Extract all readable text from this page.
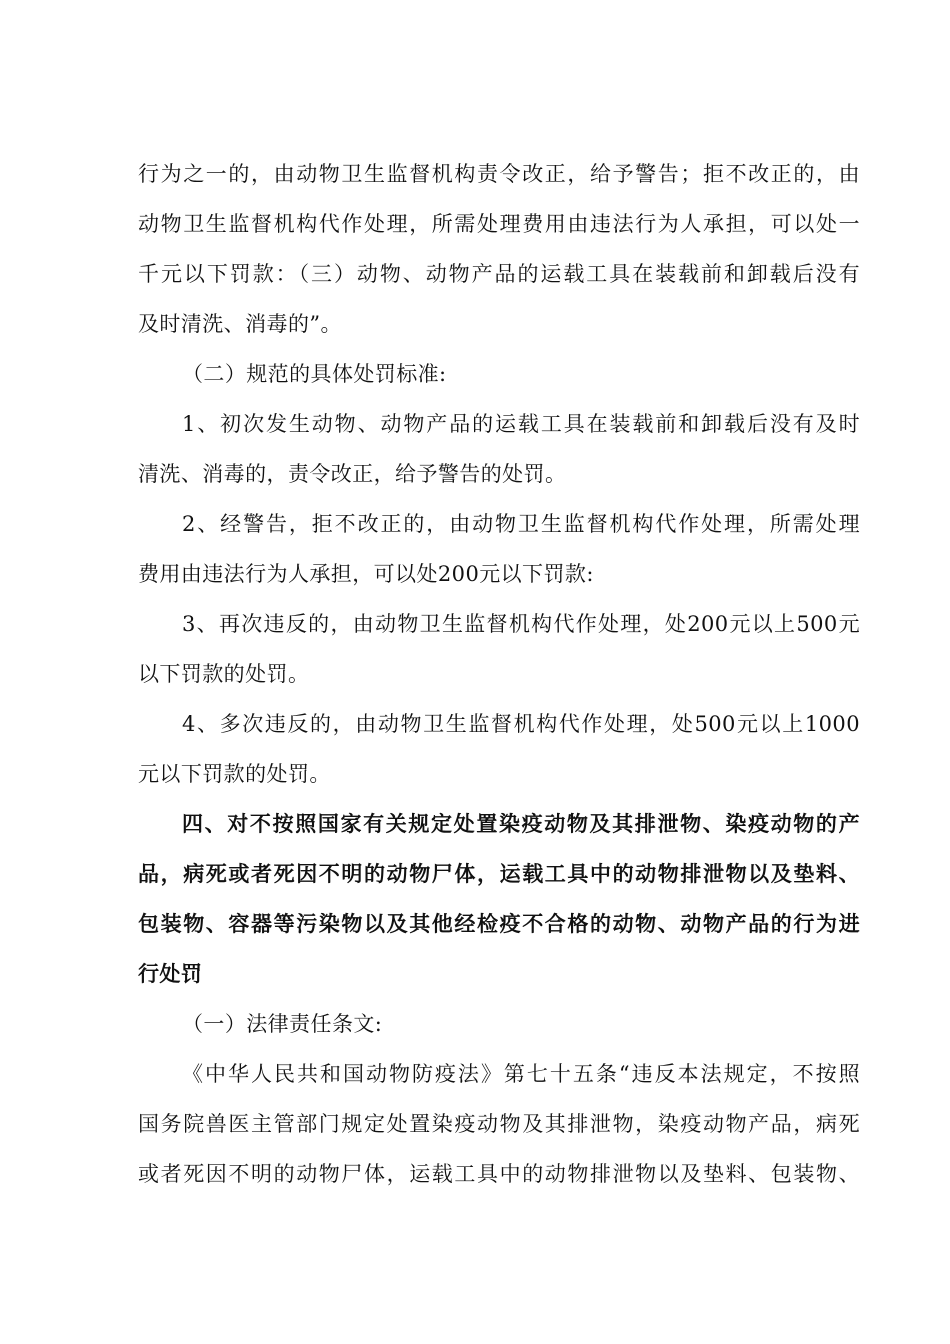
行为之一的，由动物卫生监督机构责令改正，给予警告；拒不改正的，由
动物卫生监督机构代作处理，所需处理费用由违法行为人承担，可以处一
千元以下罚款：（三）动物、动物产品的运载工具在装载前和卸载后没有
及时清洗、消毒的”。
（二）规范的具体处罚标准:
1、初次发生动物、动物产品的运载工具在装载前和卸载后没有及时
清洗、消毒的，责令改正，给予警告的处罚。
2、经警告，拒不改正的，由动物卫生监督机构代作处理，所需处理
费用由违法行为人承担，可以处200元以下罚款:
3、再次违反的，由动物卫生监督机构代作处理，处200元以上500元
以下罚款的处罚。
4、多次违反的，由动物卫生监督机构代作处理，处500元以上1000
元以下罚款的处罚。
四、对不按照国家有关规定处置染疫动物及其排泄物、染疫动物的产
品，病死或者死因不明的动物尸体，运载工具中的动物排泄物以及垫料、
包装物、容器等污染物以及其他经检疫不合格的动物、动物产品的行为进
行处罚
（一）法律责任条文:
《中华人民共和国动物防疫法》第七十五条“违反本法规定，不按照
国务院兽医主管部门规定处置染疫动物及其排泄物，染疫动物产品，病死
或者死因不明的动物尸体，运载工具中的动物排泄物以及垫料、包装物、
